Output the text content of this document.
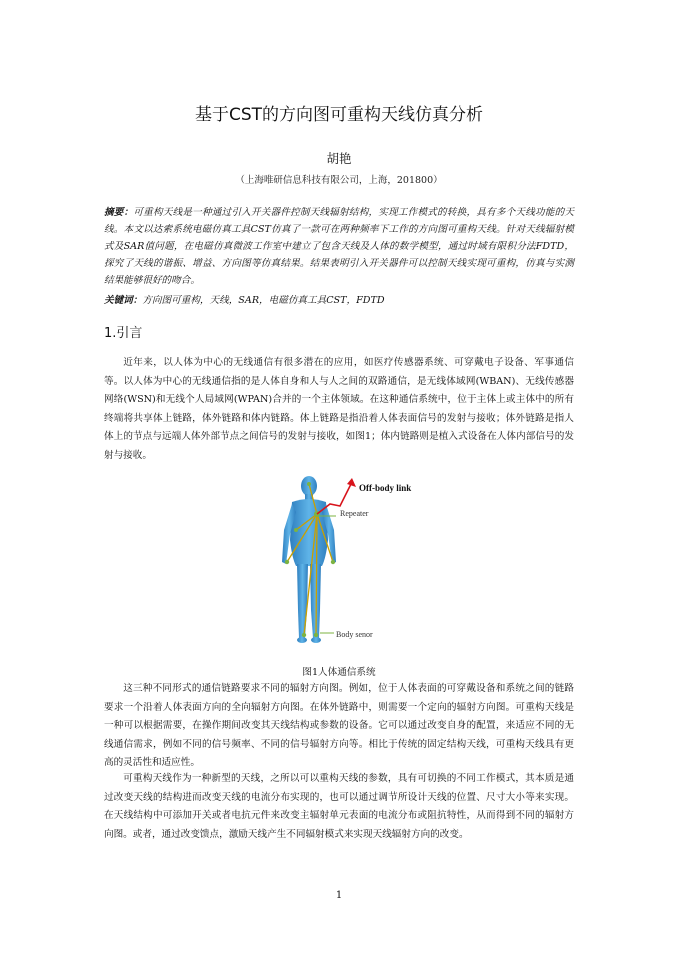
基于CST的方向图可重构天线仿真分析
胡艳
（上海唯研信息科技有限公司，上海，201800）
摘要：可重构天线是一种通过引入开关器件控制天线辐射结构，实现工作模式的转换，具有多个天线功能的天线。本文以达索系统电磁仿真工具CST仿真了一款可在两种频率下工作的方向图可重构天线。针对天线辐射模式及SAR值问题，在电磁仿真微波工作室中建立了包含天线及人体的数学模型，通过时域有限积分法FDTD，探究了天线的谐振、增益、方向图等仿真结果。结果表明引入开关器件可以控制天线实现可重构，仿真与实测结果能够很好的吻合。
关键词：方向图可重构，天线，SAR，电磁仿真工具CST，FDTD
1.引言
近年来，以人体为中心的无线通信有很多潜在的应用，如医疗传感器系统、可穿戴电子设备、军事通信等。以人体为中心的无线通信指的是人体自身和人与人之间的双路通信，是无线体域网(WBAN)、无线传感器网络(WSN)和无线个人局域网(WPAN)合并的一个主体领域。在这种通信系统中，位于主体上或主体中的所有终端将共享体上链路，体外链路和体内链路。体上链路是指沿着人体表面信号的发射与接收；体外链路是指人体上的节点与远端人体外部节点之间信号的发射与接收，如图1；体内链路则是植入式设备在人体内部信号的发射与接收。
Off-body link
Repeater
Body senor
图1人体通信系统
这三种不同形式的通信链路要求不同的辐射方向图。例如，位于人体表面的可穿戴设备和系统之间的链路要求一个沿着人体表面方向的全向辐射方向图。在体外链路中，则需要一个定向的辐射方向图。可重构天线是一种可以根据需要，在操作期间改变其天线结构或参数的设备。它可以通过改变自身的配置，来适应不同的无线通信需求，例如不同的信号频率、不同的信号辐射方向等。相比于传统的固定结构天线，可重构天线具有更高的灵活性和适应性。
可重构天线作为一种新型的天线，之所以可以重构天线的参数，具有可切换的不同工作模式，其本质是通过改变天线的结构进而改变天线的电流分布实现的，也可以通过调节所设计天线的位置、尺寸大小等来实现。在天线结构中可添加开关或者电抗元件来改变主辐射单元表面的电流分布或阻抗特性，从而得到不同的辐射方向图。或者，通过改变馈点，激励天线产生不同辐射模式来实现天线辐射方向的改变。
1
